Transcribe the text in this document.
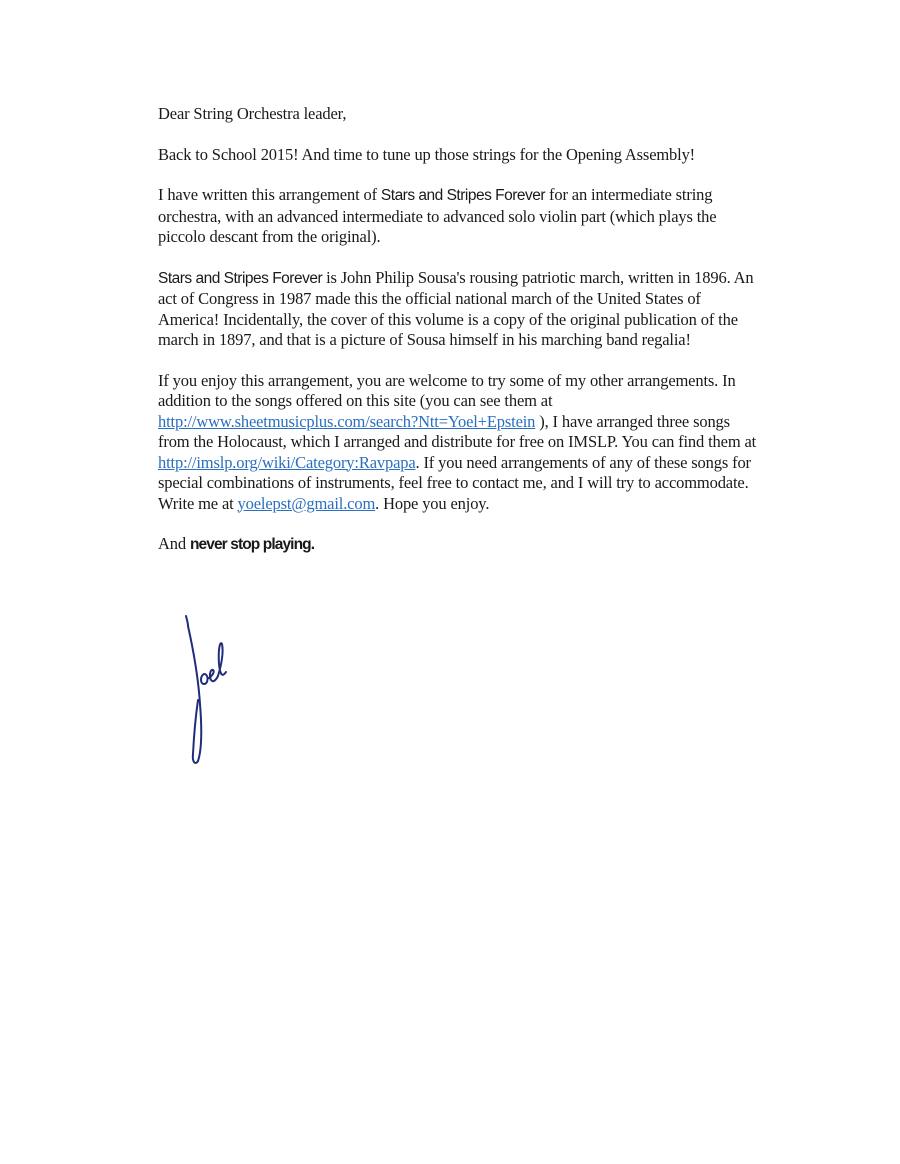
Dear String Orchestra leader,

Back to School 2015! And time to tune up those strings for the Opening Assembly!

I have written this arrangement of Stars and Stripes Forever for an intermediate string orchestra, with an advanced intermediate to advanced solo violin part (which plays the piccolo descant from the original).

Stars and Stripes Forever is John Philip Sousa's rousing patriotic march, written in 1896. An act of Congress in 1987 made this the official national march of the United States of America! Incidentally, the cover of this volume is a copy of the original publication of the march in 1897, and that is a picture of Sousa himself in his marching band regalia!

If you enjoy this arrangement, you are welcome to try some of my other arrangements. In addition to the songs offered on this site (you can see them at http://www.sheetmusicplus.com/search?Ntt=Yoel+Epstein ), I have arranged three songs from the Holocaust, which I arranged and distribute for free on IMSLP. You can find them at http://imslp.org/wiki/Category:Ravpapa. If you need arrangements of any of these songs for special combinations of instruments, feel free to contact me, and I will try to accommodate. Write me at yoelepst@gmail.com. Hope you enjoy.

And never stop playing.
